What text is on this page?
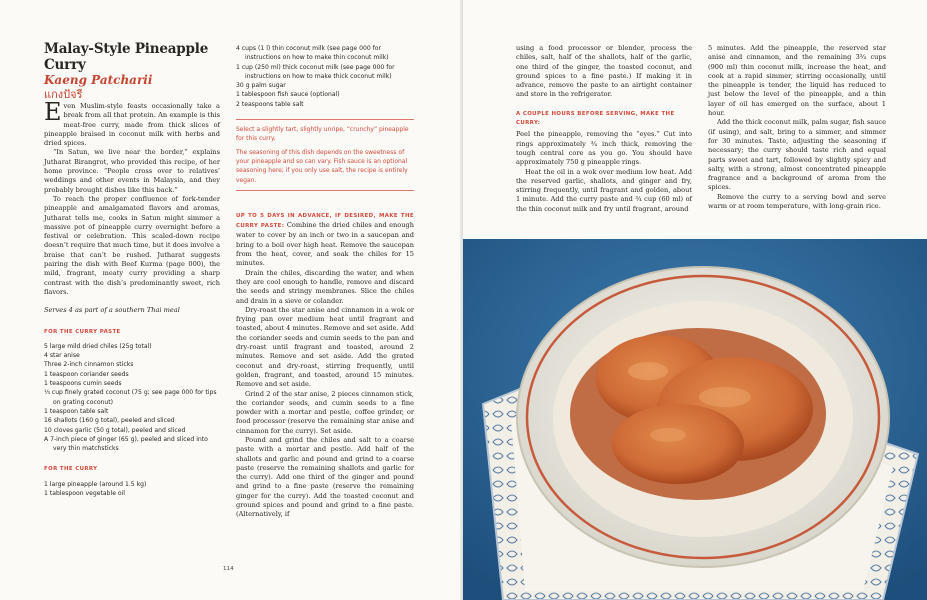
Malay-Style Pineapple Curry

Kaeng Patcharii

แกงปัจรี

Even Muslim-style feasts occasionally take a break from all that protein. An example is this meat-free curry, made from thick slices of pineapple braised in coconut milk with herbs and dried spices.

“In Satun, we live near the border,” explains Jutharat Birangrot, who provided this recipe, of her home province. “People cross over to relatives’ weddings and other events in Malaysia, and they probably brought dishes like this back.”

To reach the proper confluence of fork-tender pineapple and amalgamated flavors and aromas, Jutharat tells me, cooks in Satun might simmer a massive pot of pineapple curry overnight before a festival or celebration. This scaled-down recipe doesn’t require that much time, but it does involve a braise that can’t be rushed. Jutharat suggests pairing the dish with Beef Kurma (page 000), the mild, fragrant, meaty curry providing a sharp contrast with the dish’s predominantly sweet, rich flavors.

Serves 4 as part of a southern Thai meal

FOR THE CURRY PASTE
5 large mild dried chiles (25g total)
4 star anise
Three 2-inch cinnamon sticks
1 teaspoon coriander seeds
1 teaspoons cumin seeds
⅓ cup finely grated coconut (75 g; see page 000 for tips on grating coconut)
1 teaspoon table salt
16 shallots (160 g total), peeled and sliced
10 cloves garlic (50 g total), peeled and sliced
A 7-inch piece of ginger (65 g), peeled and sliced into very thin matchsticks
FOR THE CURRY
1 large pineapple (around 1.5 kg)
1 tablespoon vegetable oil
4 cups (1 l) thin coconut milk (see page 000 for instructions on how to make thin coconut milk)
1 cup (250 ml) thick coconut milk (see page 000 for instructions on how to make thick coconut milk)
30 g palm sugar
1 tablespoon fish sauce (optional)
2 teaspoons table salt
Select a slightly tart, slightly unripe, “crunchy” pineapple for this curry.
The seasoning of this dish depends on the sweetness of your pineapple and so can vary. Fish sauce is an optional seasoning here; if you only use salt, the recipe is entirely vegan.

UP TO 5 DAYS IN ADVANCE, IF DESIRED, MAKE THE CURRY PASTE: Combine the dried chiles and enough water to cover by an inch or two in a saucepan and bring to a boil over high heat. Remove the saucepan from the heat, cover, and soak the chiles for 15 minutes.

Drain the chiles, discarding the water, and when they are cool enough to handle, remove and discard the seeds and stringy membranes. Slice the chiles and drain in a sieve or colander.

Dry-roast the star anise and cinnamon in a wok or frying pan over medium heat until fragrant and toasted, about 4 minutes. Remove and set aside. Add the coriander seeds and cumin seeds to the pan and dry-roast until fragrant and toasted, around 2 minutes. Remove and set aside. Add the grated coconut and dry-roast, stirring frequently, until golden, fragrant, and toasted, around 15 minutes. Remove and set aside.

Grind 2 of the star anise, 2 pieces cinnamon stick, the coriander seeds, and cumin seeds to a fine powder with a mortar and pestle, coffee grinder, or food processor (reserve the remaining star anise and cinnamon for the curry). Set aside.

Pound and grind the chiles and salt to a coarse paste with a mortar and pestle. Add half of the shallots and garlic and pound and grind to a coarse paste (reserve the remaining shallots and garlic for the curry). Add one third of the ginger and pound and grind to a fine paste (reserve the remaining ginger for the curry). Add the toasted coconut and ground spices and pound and grind to a fine paste. (Alternatively, if

114

using a food processor or blender, process the chiles, salt, half of the shallots, half of the garlic, one third of the ginger, the toasted coconut, and ground spices to a fine paste.) If making it in advance, remove the paste to an airtight container and store in the refrigerator.

A COUPLE HOURS BEFORE SERVING, MAKE THE CURRY:

Peel the pineapple, removing the “eyes.” Cut into rings approximately ¾ inch thick, removing the tough central core as you go. You should have approximately 750 g pineapple rings.

Heat the oil in a wok over medium low heat. Add the reserved garlic, shallots, and ginger and fry, stirring frequently, until fragrant and golden, about 1 minute. Add the curry paste and ¾ cup (60 ml) of the thin coconut milk and fry until fragrant, around

5 minutes. Add the pineapple, the reserved star anise and cinnamon, and the remaining 3¾ cups (900 ml) thin coconut milk, increase the heat, and cook at a rapid simmer, stirring occasionally, until the pineapple is tender, the liquid has reduced to just below the level of the pineapple, and a thin layer of oil has emerged on the surface, about 1 hour.

Add the thick coconut milk, palm sugar, fish sauce (if using), and salt, bring to a simmer, and simmer for 30 minutes. Taste, adjusting the seasoning if necessary; the curry should taste rich and equal parts sweet and tart, followed by slightly spicy and salty, with a strong, almost concentrated pineapple fragrance and a background of aroma from the spices.

Remove the curry to a serving bowl and serve warm or at room temperature, with long-grain rice.
